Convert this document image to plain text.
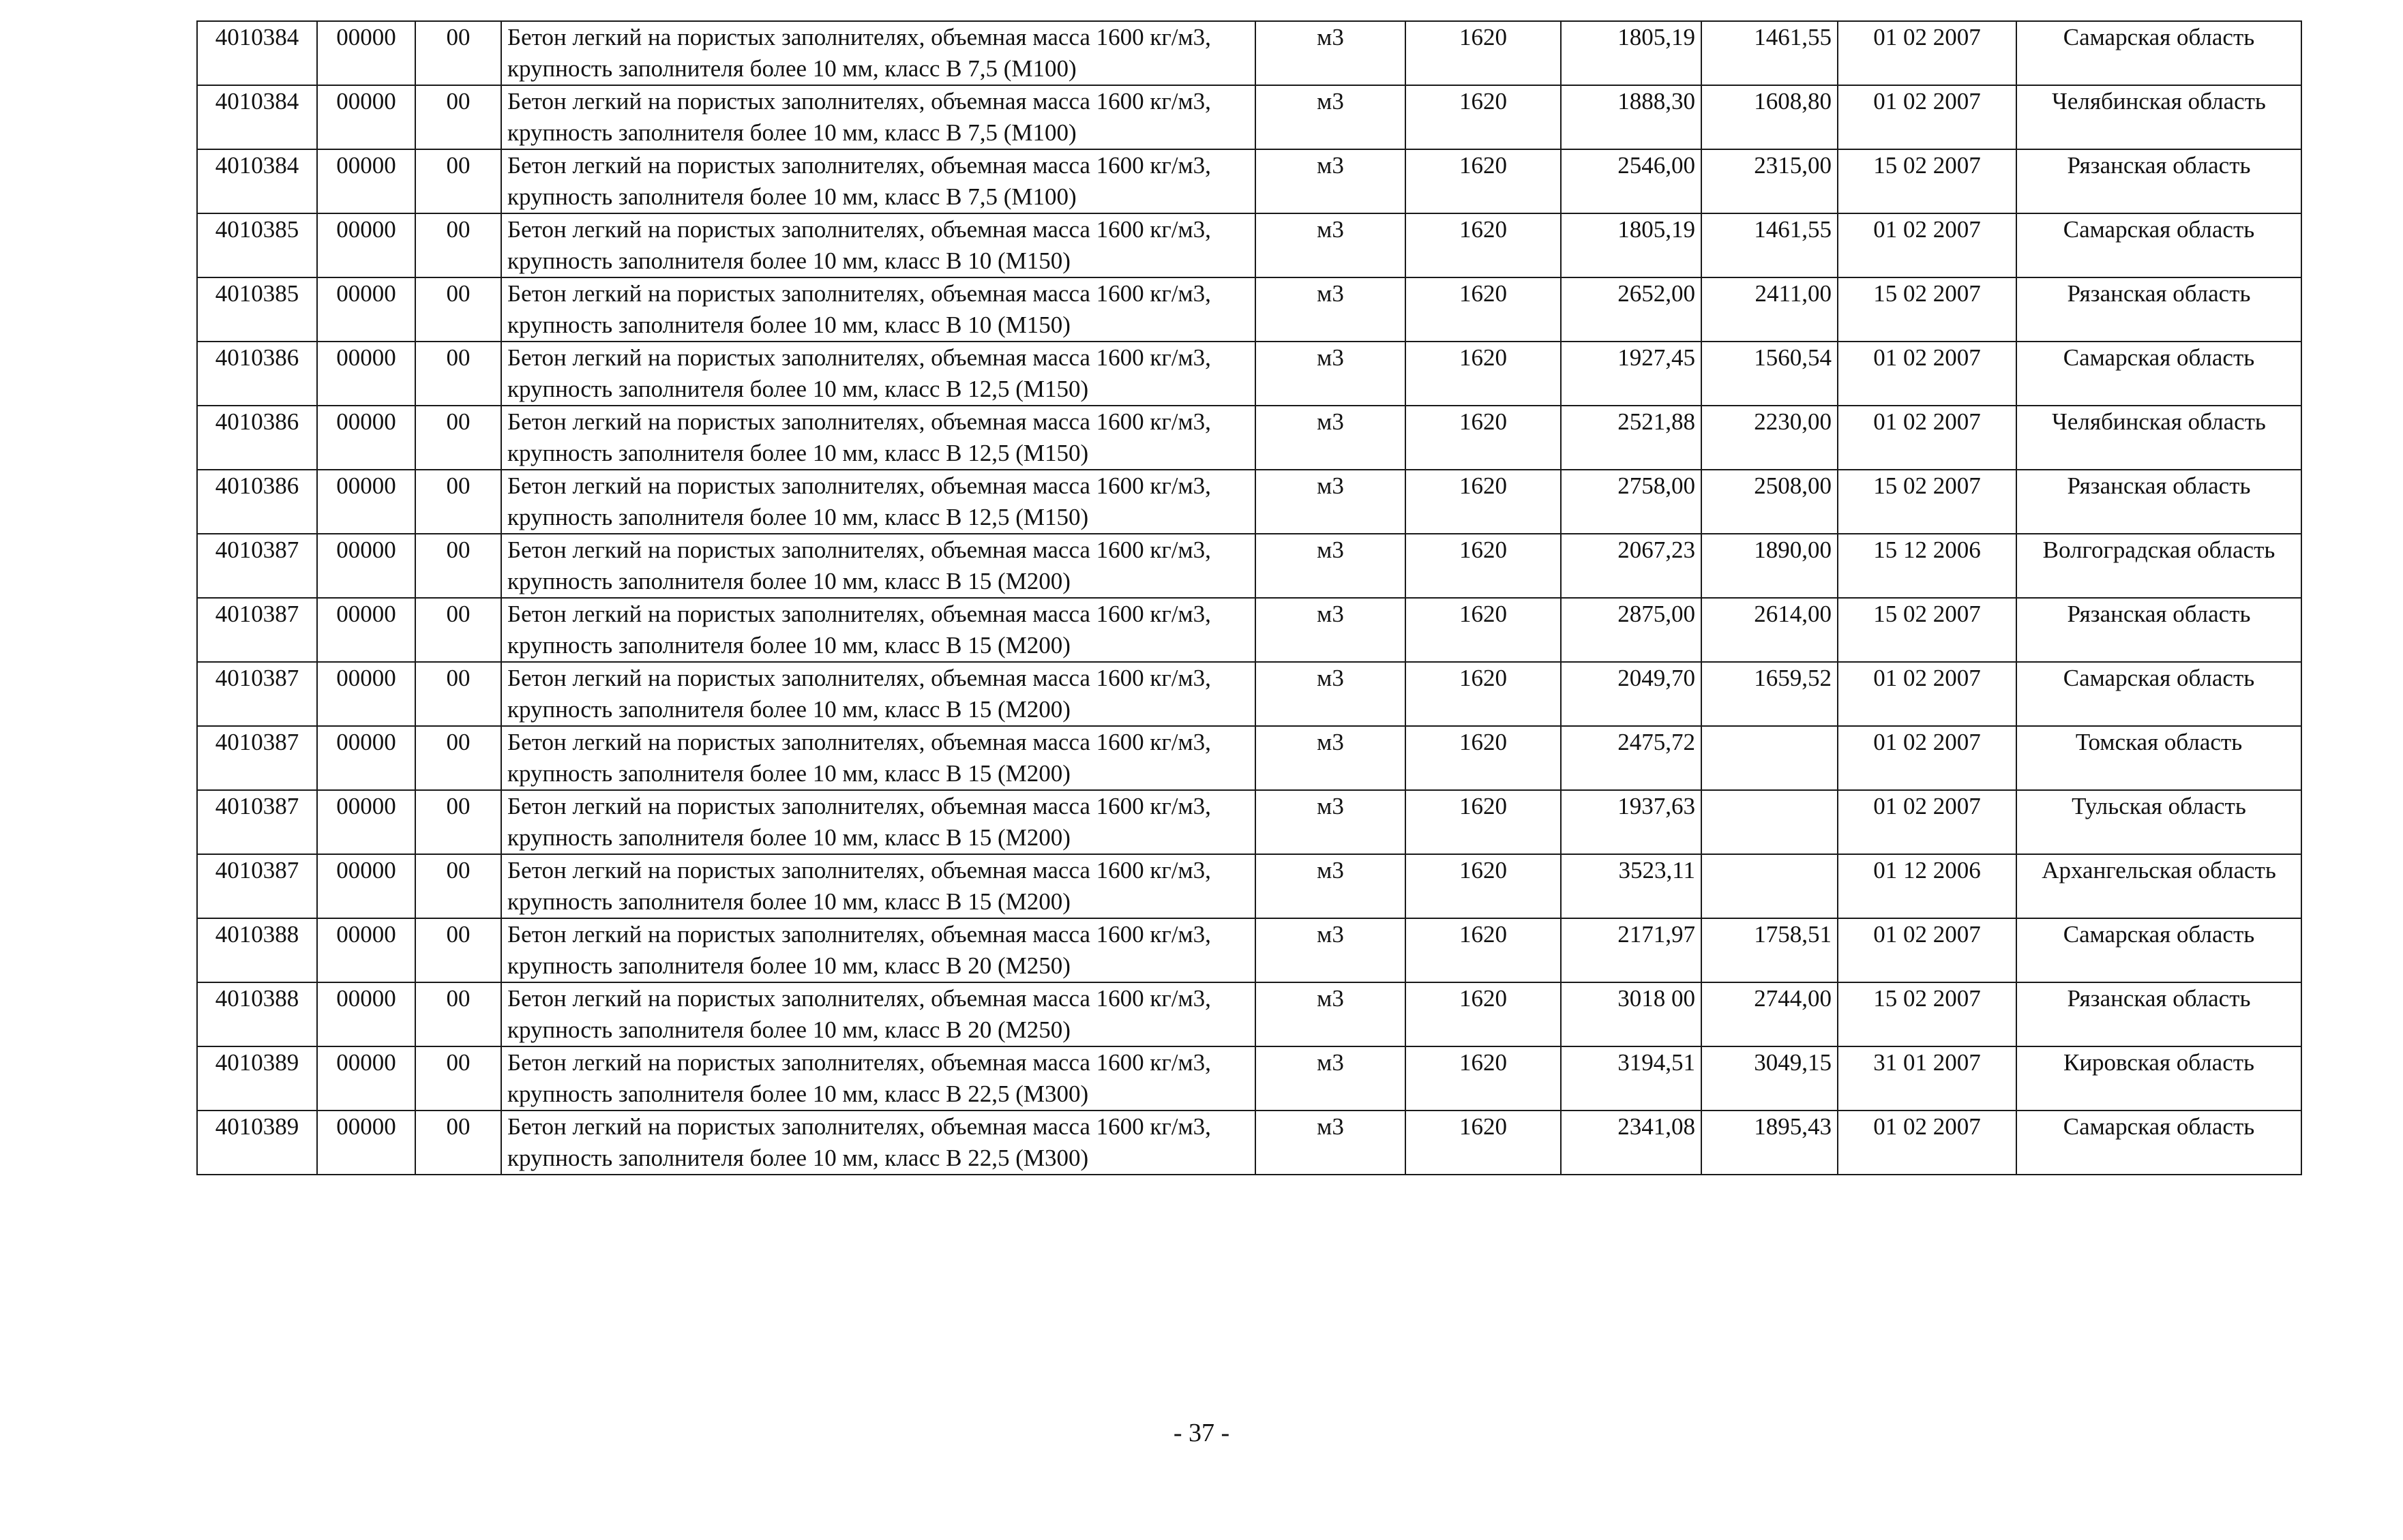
4010384	00000	00	Бетон легкий на пористых заполнителях, объемная масса 1600 кг/м3, крупность заполнителя более 10 мм, класс В 7,5 (М100)	м3	1620	1805,19	1461,55	01 02 2007	Самарская область
4010384	00000	00	Бетон легкий на пористых заполнителях, объемная масса 1600 кг/м3, крупность заполнителя более 10 мм, класс В 7,5 (М100)	м3	1620	1888,30	1608,80	01 02 2007	Челябинская область
4010384	00000	00	Бетон легкий на пористых заполнителях, объемная масса 1600 кг/м3, крупность заполнителя более 10 мм, класс В 7,5 (М100)	м3	1620	2546,00	2315,00	15 02 2007	Рязанская область
4010385	00000	00	Бетон легкий на пористых заполнителях, объемная масса 1600 кг/м3, крупность заполнителя более 10 мм, класс В 10 (М150)	м3	1620	1805,19	1461,55	01 02 2007	Самарская область
4010385	00000	00	Бетон легкий на пористых заполнителях, объемная масса 1600 кг/м3, крупность заполнителя более 10 мм, класс В 10 (М150)	м3	1620	2652,00	2411,00	15 02 2007	Рязанская область
4010386	00000	00	Бетон легкий на пористых заполнителях, объемная масса 1600 кг/м3, крупность заполнителя более 10 мм, класс В 12,5 (М150)	м3	1620	1927,45	1560,54	01 02 2007	Самарская область
4010386	00000	00	Бетон легкий на пористых заполнителях, объемная масса 1600 кг/м3, крупность заполнителя более 10 мм, класс В 12,5 (М150)	м3	1620	2521,88	2230,00	01 02 2007	Челябинская область
4010386	00000	00	Бетон легкий на пористых заполнителях, объемная масса 1600 кг/м3, крупность заполнителя более 10 мм, класс В 12,5 (М150)	м3	1620	2758,00	2508,00	15 02 2007	Рязанская область
4010387	00000	00	Бетон легкий на пористых заполнителях, объемная масса 1600 кг/м3, крупность заполнителя более 10 мм, класс В 15 (М200)	м3	1620	2067,23	1890,00	15 12 2006	Волгоградская область
4010387	00000	00	Бетон легкий на пористых заполнителях, объемная масса 1600 кг/м3, крупность заполнителя более 10 мм, класс В 15 (М200)	м3	1620	2875,00	2614,00	15 02 2007	Рязанская область
4010387	00000	00	Бетон легкий на пористых заполнителях, объемная масса 1600 кг/м3, крупность заполнителя более 10 мм, класс В 15 (М200)	м3	1620	2049,70	1659,52	01 02 2007	Самарская область
4010387	00000	00	Бетон легкий на пористых заполнителях, объемная масса 1600 кг/м3, крупность заполнителя более 10 мм, класс В 15 (М200)	м3	1620	2475,72		01 02 2007	Томская область
4010387	00000	00	Бетон легкий на пористых заполнителях, объемная масса 1600 кг/м3, крупность заполнителя более 10 мм, класс В 15 (М200)	м3	1620	1937,63		01 02 2007	Тульская область
4010387	00000	00	Бетон легкий на пористых заполнителях, объемная масса 1600 кг/м3, крупность заполнителя более 10 мм, класс В 15 (М200)	м3	1620	3523,11		01 12 2006	Архангельская область
4010388	00000	00	Бетон легкий на пористых заполнителях, объемная масса 1600 кг/м3, крупность заполнителя более 10 мм, класс В 20 (М250)	м3	1620	2171,97	1758,51	01 02 2007	Самарская область
4010388	00000	00	Бетон легкий на пористых заполнителях, объемная масса 1600 кг/м3, крупность заполнителя более 10 мм, класс В 20 (М250)	м3	1620	3018 00	2744,00	15 02 2007	Рязанская область
4010389	00000	00	Бетон легкий на пористых заполнителях, объемная масса 1600 кг/м3, крупность заполнителя более 10 мм, класс В 22,5 (М300)	м3	1620	3194,51	3049,15	31 01 2007	Кировская область
4010389	00000	00	Бетон легкий на пористых заполнителях, объемная масса 1600 кг/м3, крупность заполнителя более 10 мм, класс В 22,5 (М300)	м3	1620	2341,08	1895,43	01 02 2007	Самарская область
- 37 -
